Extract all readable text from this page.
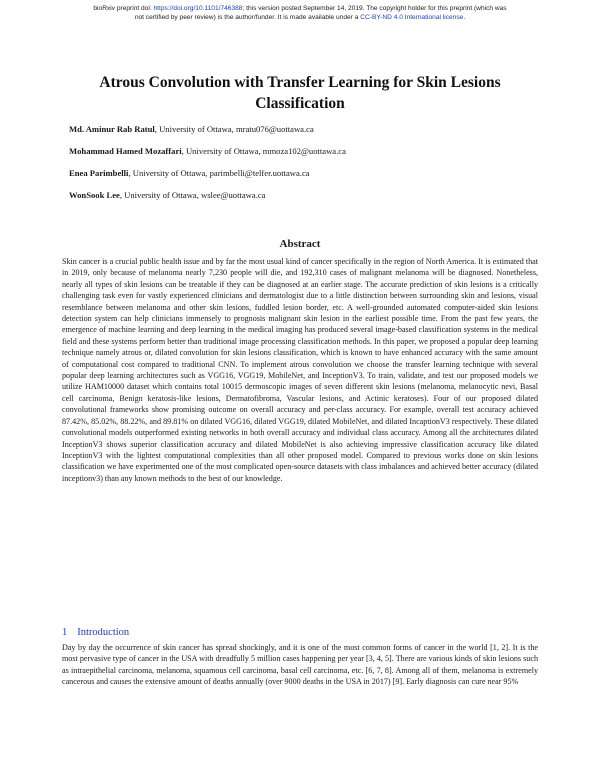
bioRxiv preprint doi: https://doi.org/10.1101/746388; this version posted September 14, 2019. The copyright holder for this preprint (which was
not certified by peer review) is the author/funder. It is made available under a CC-BY-ND 4.0 International license.
Atrous Convolution with Transfer Learning for Skin Lesions Classification
Md. Aminur Rab Ratul, University of Ottawa, mratu076@uottawa.ca
Mohammad Hamed Mozaffari, University of Ottawa, mmoza102@uottawa.ca
Enea Parimbelli, University of Ottawa, parimbelli@telfer.uottawa.ca
WonSook Lee, University of Ottawa, wslee@uottawa.ca
Abstract
Skin cancer is a crucial public health issue and by far the most usual kind of cancer specifically in the region of North America. It is estimated that in 2019, only because of melanoma nearly 7,230 people will die, and 192,310 cases of malignant melanoma will be diagnosed. Nonetheless, nearly all types of skin lesions can be treatable if they can be diagnosed at an earlier stage. The accurate prediction of skin lesions is a critically challenging task even for vastly experienced clinicians and dermatologist due to a little distinction between surrounding skin and lesions, visual resemblance between melanoma and other skin lesions, fuddled lesion border, etc. A well-grounded automated computer-aided skin lesions detection system can help clinicians immensely to prognosis malignant skin lesion in the earliest possible time. From the past few years, the emergence of machine learning and deep learning in the medical imaging has produced several image-based classification systems in the medical field and these systems perform better than traditional image processing classification methods. In this paper, we proposed a popular deep learning technique namely atrous or, dilated convolution for skin lesions classification, which is known to have enhanced accuracy with the same amount of computational cost compared to traditional CNN. To implement atrous convolution we choose the transfer learning technique with several popular deep learning architectures such as VGG16, VGG19, MobileNet, and InceptionV3. To train, validate, and test our proposed models we utilize HAM10000 dataset which contains total 10015 dermoscopic images of seven different skin lesions (melanoma, melanocytic nevi, Basal cell carcinoma, Benign keratosis-like lesions, Dermatofibroma, Vascular lesions, and Actinic keratoses). Four of our proposed dilated convolutional frameworks show promising outcome on overall accuracy and per-class accuracy. For example, overall test accuracy achieved 87.42%, 85.02%, 88.22%, and 89.81% on dilated VGG16, dilated VGG19, dilated MobileNet, and dilated IncaptionV3 respectively. These dilated convolutional models outperformed existing networks in both overall accuracy and individual class accuracy. Among all the architectures dilated InceptionV3 shows superior classification accuracy and dilated MobileNet is also achieving impressive classification accuracy like dilated InceptionV3 with the lightest computational complexities than all other proposed model. Compared to previous works done on skin lesions classification we have experimented one of the most complicated open-source datasets with class imbalances and achieved better accuracy (dilated inceptionv3) than any known methods to the best of our knowledge.
1 Introduction
Day by day the occurrence of skin cancer has spread shockingly, and it is one of the most common forms of cancer in the world [1, 2]. It is the most pervasive type of cancer in the USA with dreadfully 5 million cases happening per year [3, 4, 5]. There are various kinds of skin lesions such as intraepithelial carcinoma, melanoma, squamous cell carcinoma, basal cell carcinoma, etc. [6, 7, 8]. Among all of them, melanoma is extremely cancerous and causes the extensive amount of deaths annually (over 9000 deaths in the USA in 2017) [9]. Early diagnosis can cure near 95%
